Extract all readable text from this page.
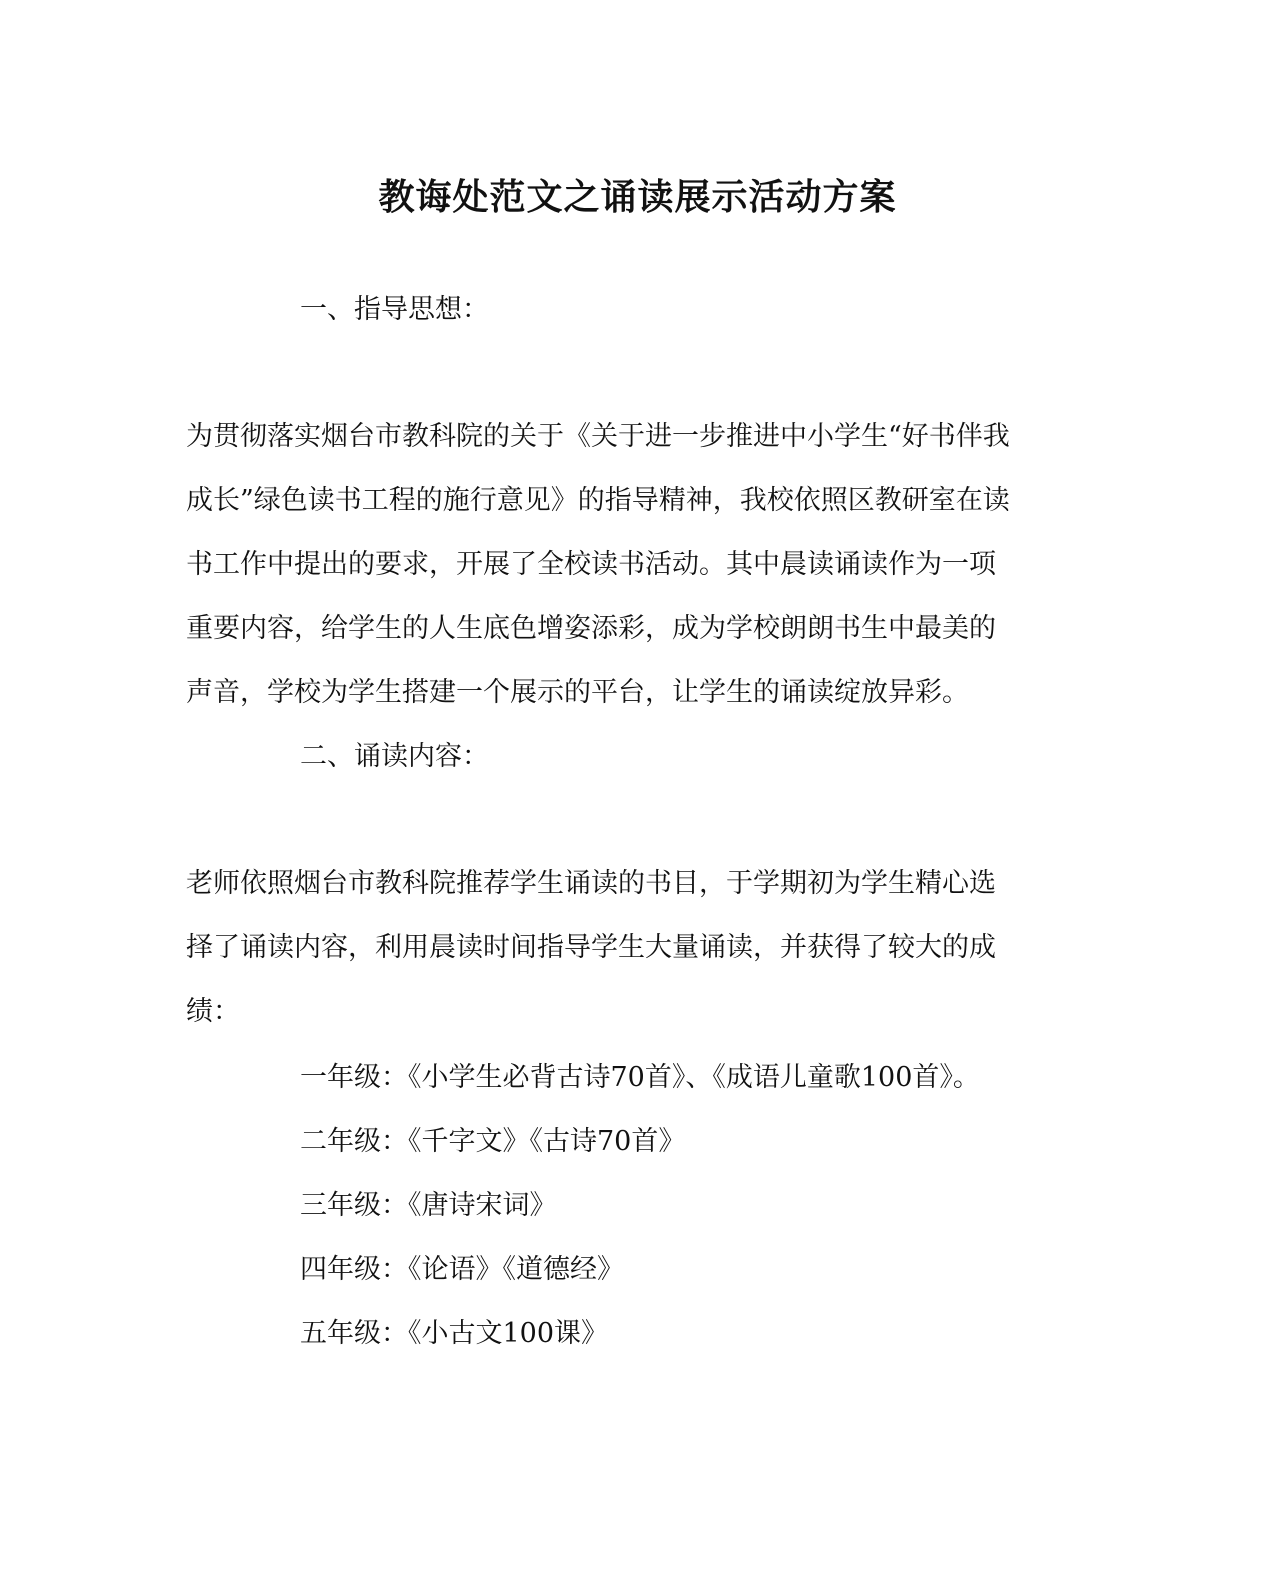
教诲处范文之诵读展示活动方案
一、指导思想：
为贯彻落实烟台市教科院的关于《关于进一步推进中小学生“好书伴我
成长”绿色读书工程的施行意见》的指导精神，我校依照区教研室在读
书工作中提出的要求，开展了全校读书活动。其中晨读诵读作为一项
重要内容，给学生的人生底色增姿添彩，成为学校朗朗书生中最美的
声音，学校为学生搭建一个展示的平台，让学生的诵读绽放异彩。
二、诵读内容：
老师依照烟台市教科院推荐学生诵读的书目，于学期初为学生精心选
择了诵读内容，利用晨读时间指导学生大量诵读，并获得了较大的成
绩：
一年级：《小学生必背古诗70首》、《成语儿童歌100首》。
二年级：《千字文》《古诗70首》
三年级：《唐诗宋词》
四年级：《论语》《道德经》
五年级：《小古文100课》
